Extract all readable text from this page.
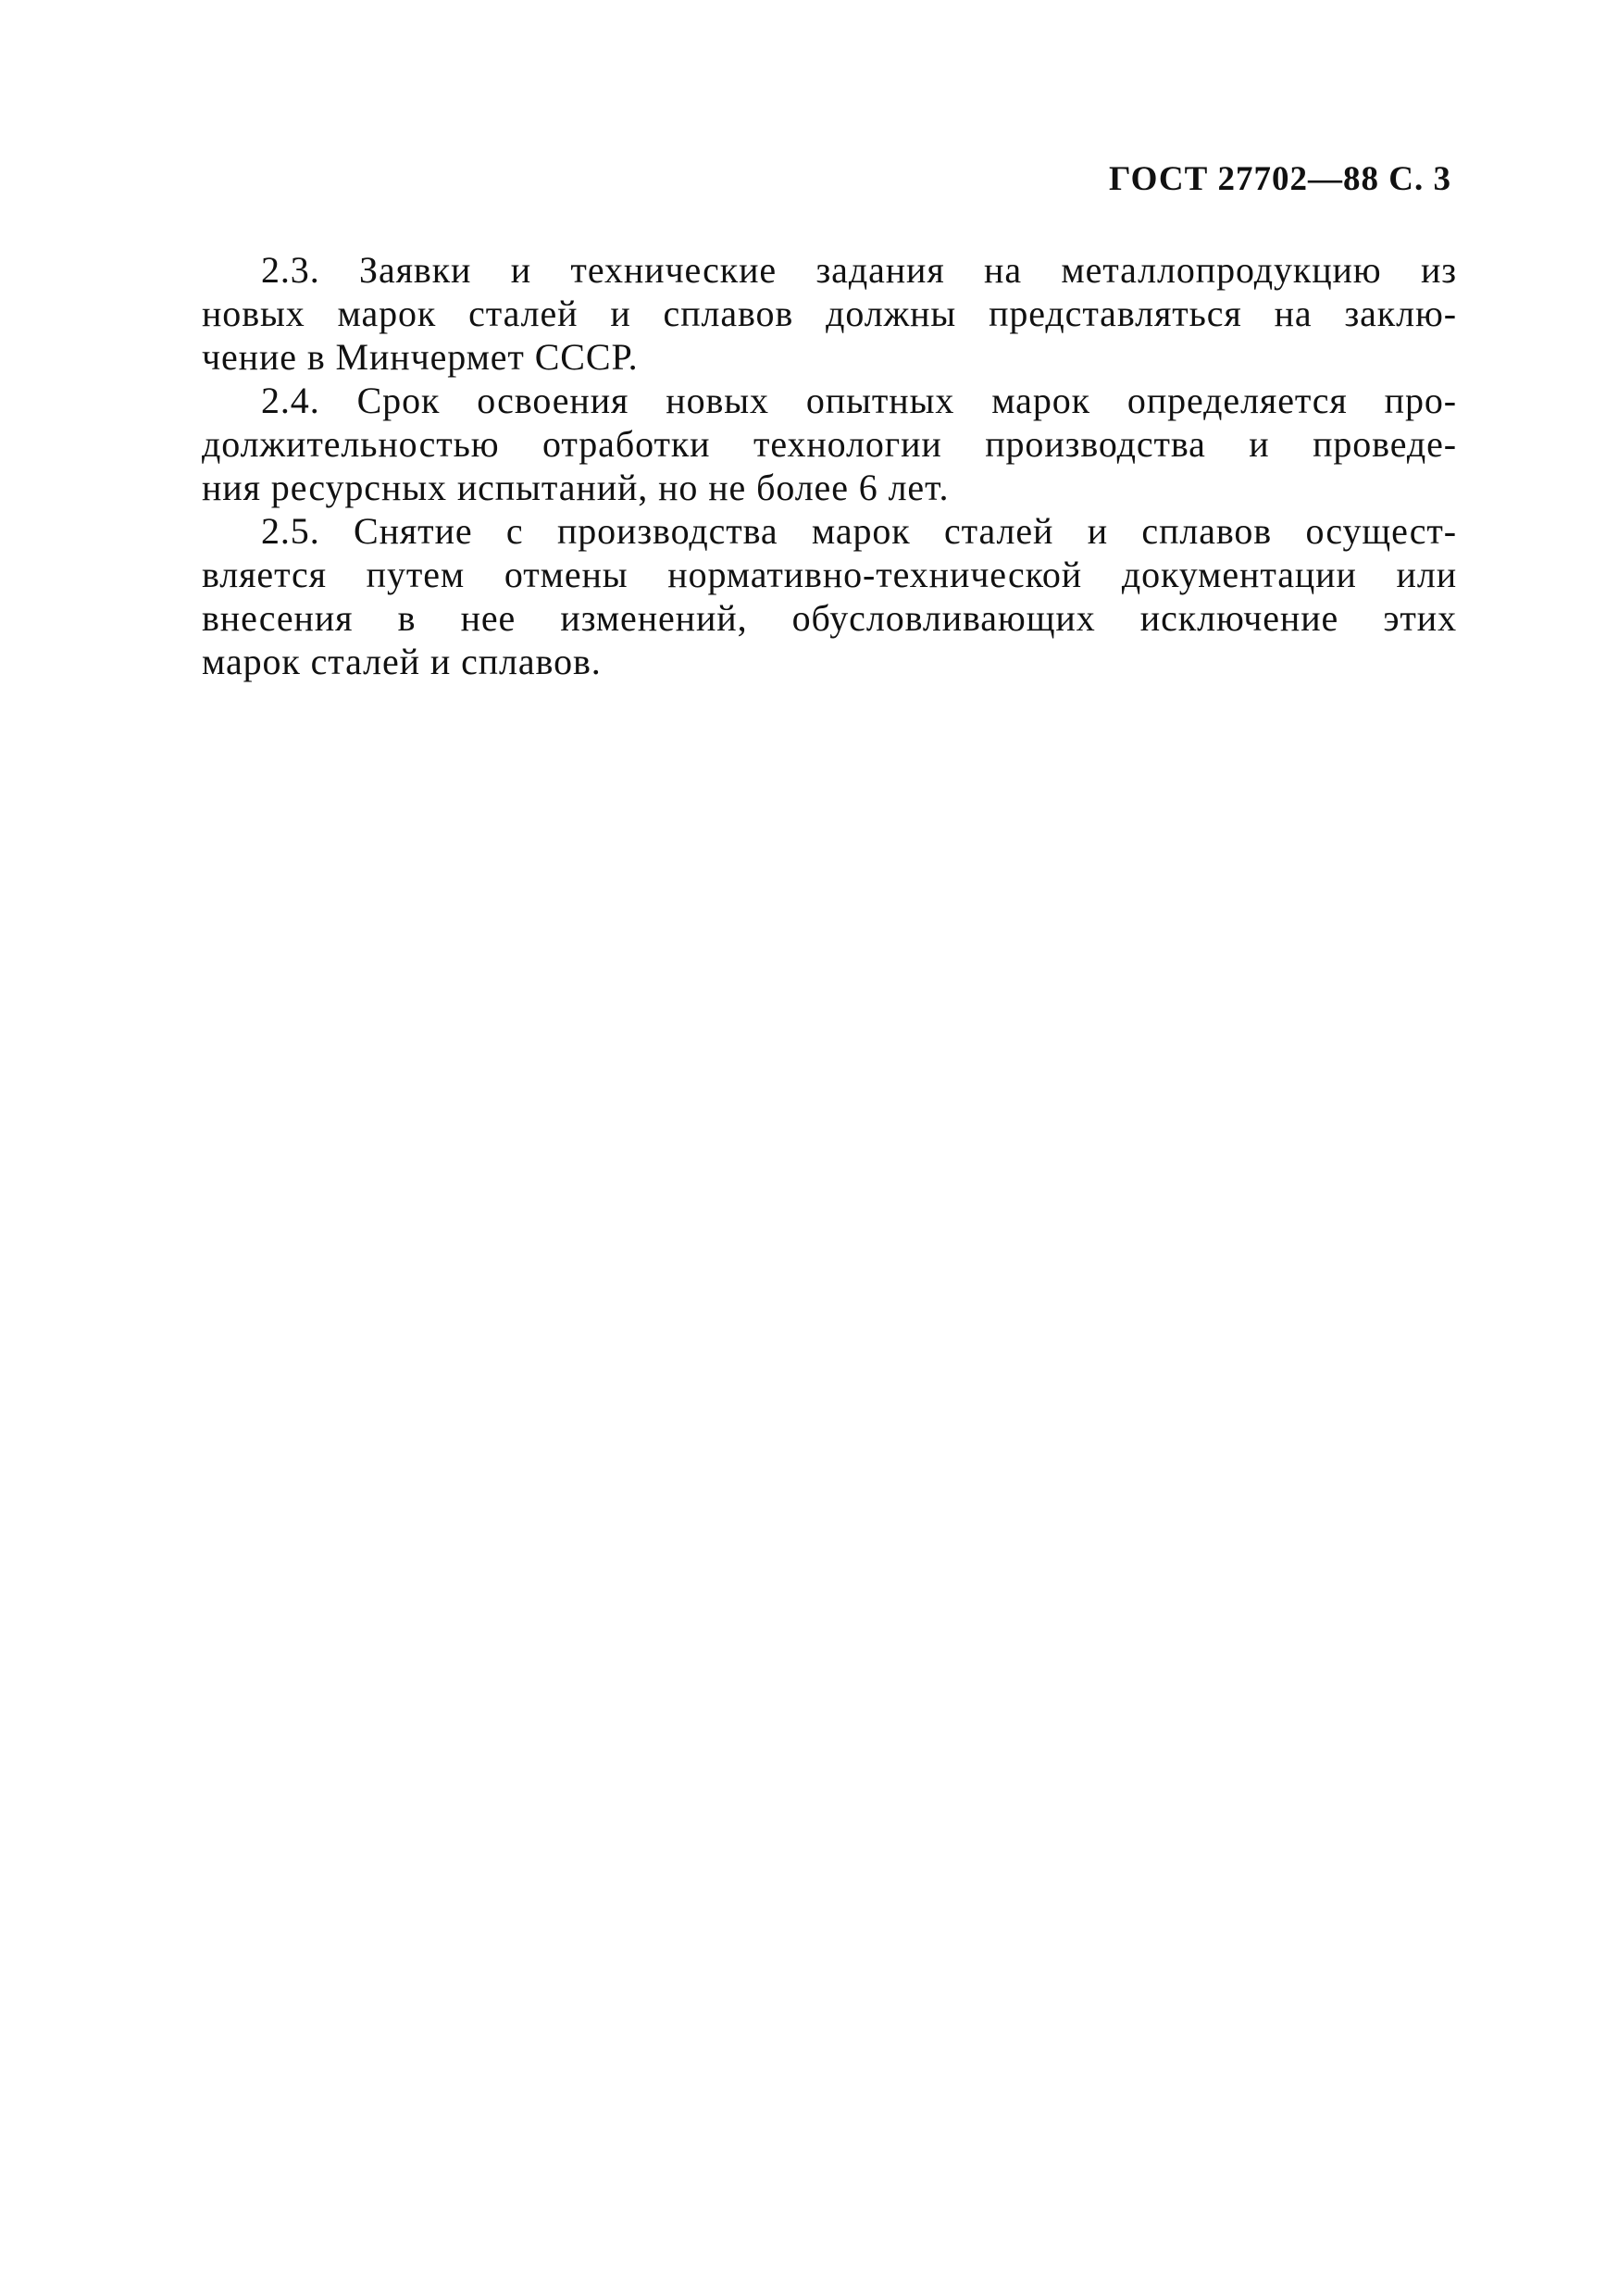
ГОСТ 27702—88 С. 3
2.3. Заявки и технические задания на металлопродукцию из
новых марок сталей и сплавов должны представляться на заклю-
чение в Минчермет СССР.
2.4. Срок освоения новых опытных марок определяется про-
должительностью отработки технологии производства и проведе-
ния ресурсных испытаний, но не более 6 лет.
2.5. Снятие с производства марок сталей и сплавов осущест-
вляется путем отмены нормативно-технической документации или
внесения в нее изменений, обусловливающих исключение этих
марок сталей и сплавов.
